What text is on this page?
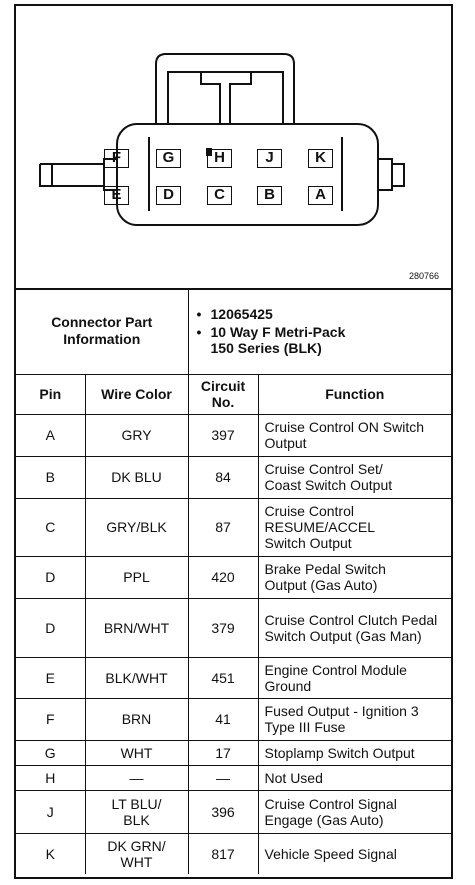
F	G	H	J	K
E	D	C	B	A
280766
Connector Part Information		• 12065425
• 10 Way F Metri-Pack 150 Series (BLK)	

Pin	Wire Color	Circuit No.	Function
A	GRY	397	Cruise Control ON Switch Output
B	DK BLU	84	Cruise Control Set/ Coast Switch Output

C	GRY/BLK	87	Cruise Control RESUME/ACCEL Switch Output

D	PPL	420	Brake Pedal Switch Output (Gas Auto)

D	BRN/WHT	379	Cruise Control Clutch Pedal Switch Output (Gas Man)

E	BLK/WHT	451	Engine Control Module Ground

F	BRN	41	Fused Output - Ignition 3 Type III Fuse

G	WHT	17	Stoplamp Switch Output
H	—	—	Not Used
J	LT BLU/ BLK	396	Cruise Control Signal Engage (Gas Auto)

K	DK GRN/ WHT	817	Vehicle Speed Signal
